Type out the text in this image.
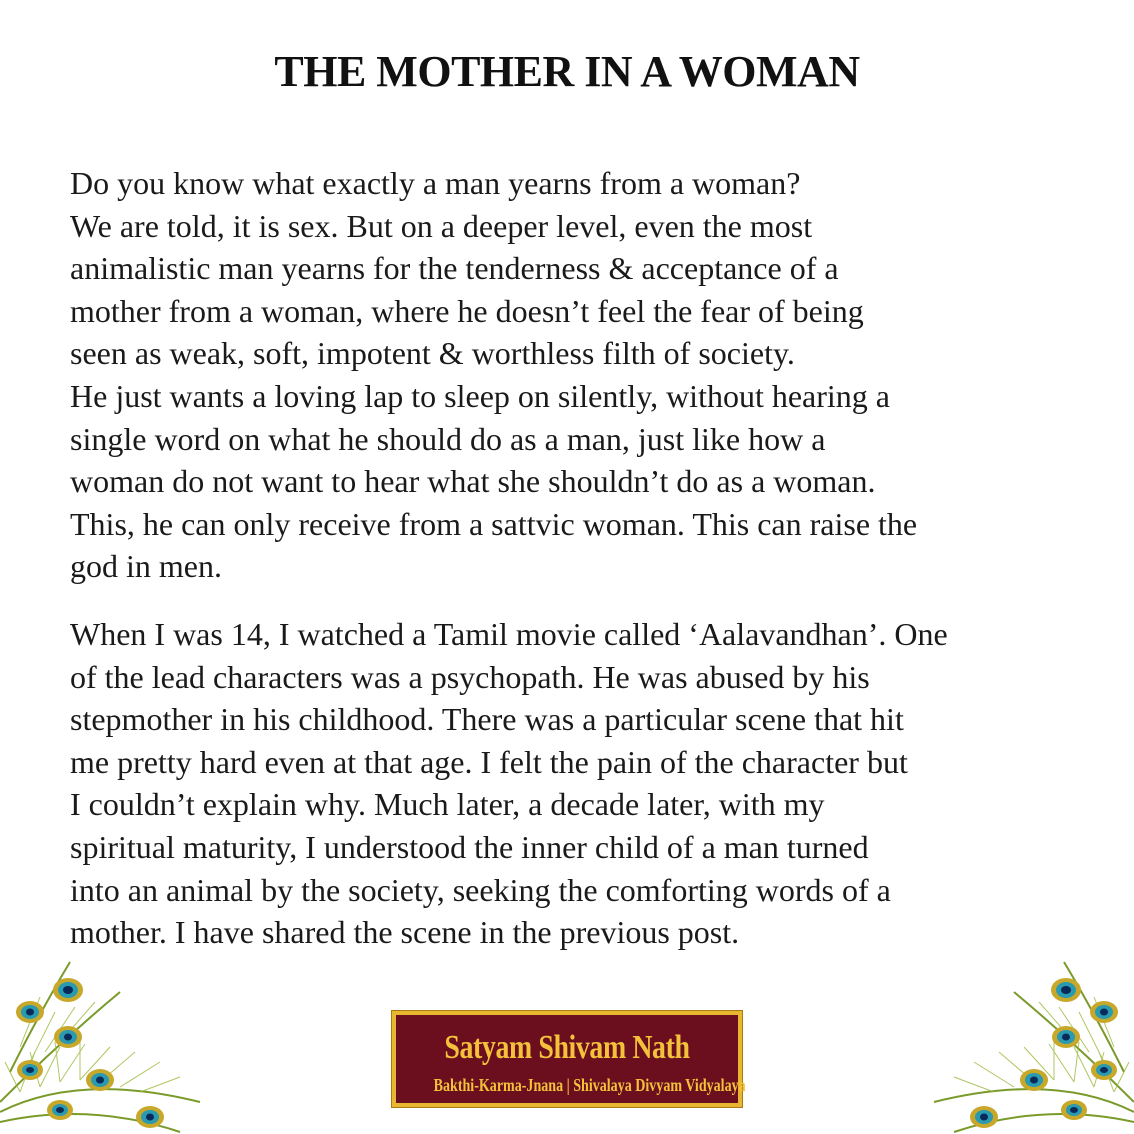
THE MOTHER IN A WOMAN

Do you know what exactly a man yearns from a woman?
We are told, it is sex. But on a deeper level, even the most
animalistic man yearns for the tenderness & acceptance of a
mother from a woman, where he doesn’t feel the fear of being
seen as weak, soft, impotent & worthless filth of society.
He just wants a loving lap to sleep on silently, without hearing a
single word on what he should do as a man, just like how a
woman do not want to hear what she shouldn’t do as a woman.
This, he can only receive from a sattvic woman. This can raise the
god in men.

When I was 14, I watched a Tamil movie called ‘Aalavandhan’. One
of the lead characters was a psychopath. He was abused by his
stepmother in his childhood. There was a particular scene that hit
me pretty hard even at that age. I felt the pain of the character but
I couldn’t explain why. Much later, a decade later, with my
spiritual maturity, I understood the inner child of a man turned
into an animal by the society, seeking the comforting words of a
mother. I have shared the scene in the previous post.

Satyam Shivam Nath
Bakthi-Karma-Jnana | Shivalaya Divyam Vidyalaya
